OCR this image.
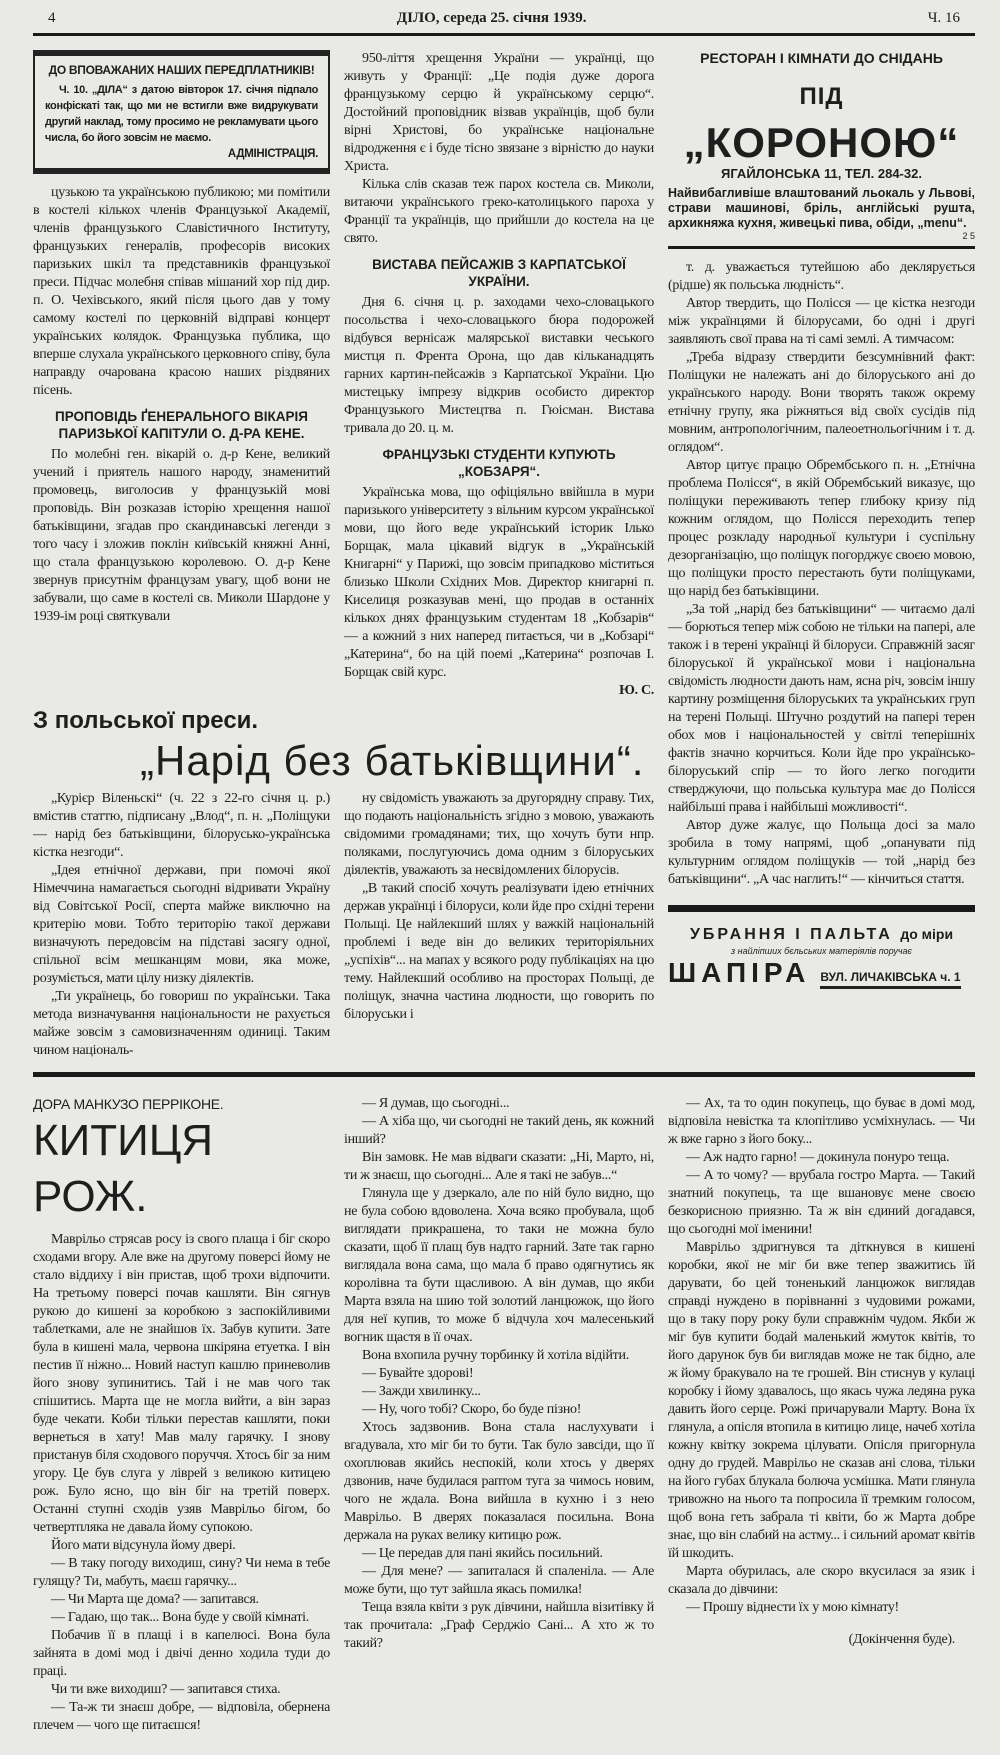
4	ДІЛО, середа 25. січня 1939.	Ч. 16
ДО ВПОВАЖАНИХ НАШИХ ПЕРЕДПЛАТНИКІВ!
Ч. 10. „ДІЛА“ з датою вівторок 17. січня підпало конфіскаті так, що ми не встигли вже видрукувати другий наклад, тому просимо не рекламувати цього числа, бо його зовсім не маємо.
АДМІНІСТРАЦІЯ.

цузькою та українською публикою; ми помітили в костелі кількох членів Французької Академії, членів французького Славістичного Інституту, французьких генералів, професорів високих паризьких шкіл та представників французької преси. Підчас молебня співав мішаний хор під дир. п. О. Чехівського, який після цього дав у тому самому костелі по церковній відправі концерт українських колядок. Французька публика, що вперше слухала українського церковного співу, була направду очарована красою наших різдвяних пісень.

ПРОПОВІДЬ ҐЕНЕРАЛЬНОГО ВІКАРІЯ ПАРИЗЬКОЇ КАПІТУЛИ О. Д-РА КЕНЕ.

По молебні ген. вікарій о. д-р Кене, великий учений і приятель нашого народу, знаменитий промовець, виголосив у французькій мові проповідь. Він розказав історію хрещення нашої батьківщини, згадав про скандинавські легенди з того часу і зложив поклін київській княжні Анні, що стала французькою королевою. О. д-р Кене звернув присутнім французам увагу, щоб вони не забували, що саме в костелі св. Миколи Шардоне у 1939-ім році святкували

950-ліття хрещення України — українці, що живуть у Франції: „Це подія дуже дорога французькому серцю й українському серцю“. Достойний проповідник візвав українців, щоб були вірні Христові, бо українське національне відродження є і буде тісно звязане з вірністю до науки Христа.

Кілька слів сказав теж парох костела св. Миколи, витаючи українського греко-католицького пароха у Франції та українців, що прийшли до костела на це свято.

ВИСТАВА ПЕЙСАЖІВ З КАРПАТСЬКОЇ УКРАЇНИ.

Дня 6. січня ц. р. заходами чехо-словацького посольства і чехо-словацького бюра подорожей відбувся вернісаж малярської виставки чеського мистця п. Френта Орона, що дав кільканадцять гарних картин-пейсажів з Карпатської України. Цю мистецьку імпрезу відкрив особисто директор Французького Мистецтва п. Гюісман. Вистава тривала до 20. ц. м.

ФРАНЦУЗЬКІ СТУДЕНТИ КУПУЮТЬ „КОБЗАРЯ“.

Українська мова, що офіціяльно ввійшла в мури паризького університету з вільним курсом української мови, що його веде український історик Ілько Борщак, мала цікавий відгук в „Українській Книгарні“ у Парижі, що зовсім припадково міститься близько Школи Східних Мов. Директор книгарні п. Киселиця розказував мені, що продав в останніх кількох днях французьким студентам 18 „Кобзарів“ — а кожний з них наперед питається, чи в „Кобзарі“ „Катерина“, бо на цій поемі „Катерина“ розпочав І. Борщак свій курс.

Ю. С.

З польської преси.
„Нарід без батьківщини“.

„Курієр Віленьскі“ (ч. 22 з 22-го січня ц. р.) вмістив статтю, підписану „Влод“, п. н. „Поліщуки — нарід без батьківщини, білорусько-українська кістка незгоди“.

„Ідея етнічної держави, при помочі якої Німеччина намагається сьогодні відривати Україну від Совітської Росії, сперта майже виключно на критерію мови. Тобто територію такої держави визначують передовсім на підставі засягу одної, спільної всім мешканцям мови, яка може, розуміється, мати цілу низку діялектів.

„Ти українець, бо говориш по українськи. Така метода визначування національности не рахується майже зовсім з самовизначенням одиниці. Таким чином національ-

ну свідомість уважають за другорядну справу. Тих, що подають національність згідно з мовою, уважають свідомими громадянами; тих, що хочуть бути нпр. поляками, послугуючись дома одним з білоруських діялектів, уважають за несвідомлених білорусів.

„В такий спосіб хочуть реалізувати ідею етнічних держав українці і білоруси, коли йде про східні терени Польщі. Це найлекший шлях у важкій національній проблемі і веде він до великих територіяльних „успіхів“... на мапах у всякого роду публікаціях на цю тему. Найлекший особливо на просторах Польщі, де поліщук, значна частина людности, що говорить по білоруськи і

РЕСТОРАН І КІМНАТИ ДО СНІДАНЬ
ПІД „КОРОНОЮ“
ЯГАЙЛОНСЬКА 11, ТЕЛ. 284-32.
Найвибагливіше влаштований льокаль у Львові, страви машинові, бріль, англійські рушта, архикняжа кухня, живецькі пива, обіди, „menu“.
2 5

т. д. уважається тутейшою або деклярується (рідше) як польська людність“.

Автор твердить, що Полісся — це кістка незгоди між українцями й білорусами, бо одні і другі заявляють свої права на ті самі землі. А тимчасом:

„Треба відразу ствердити безсумнівний факт: Поліщуки не належать ані до білоруського ані до українського народу. Вони творять також окрему етнічну групу, яка ріжняться від своїх сусідів під мовним, антропологічним, палеоетнольогічним і т. д. оглядом“.

Автор цитує працю Обрембського п. н. „Етнічна проблема Полісся“, в якій Обрембський виказує, що поліщуки переживають тепер глибоку кризу під кожним оглядом, що Полісся переходить тепер процес розкладу народньої культури і суспільну дезорганізацію, що поліщук погорджує своєю мовою, що поліщуки просто перестають бути поліщуками, що нарід без батьківщини.

„За той „нарід без батьківщини“ — читаємо далі — борються тепер між собою не тільки на папері, але також і в терені українці й білоруси. Справжній засяг білоруської й української мови і національна свідомість людности дають нам, ясна річ, зовсім іншу картину розміщення білоруських та українських груп на терені Польщі. Штучно роздутий на папері терен обох мов і національностей у світлі теперішніх фактів значно корчиться. Коли йде про українсько-білоруський спір — то його легко погодити стверджуючи, що польська культура має до Полісся найбільші права і найбільші можливості“.

Автор дуже жалує, що Польща досі за мало зробила в тому напрямі, щоб „опанувати під культурним оглядом поліщуків — той „нарід без батьківщини“. „А час наглить!“ — кінчиться стаття.

УБРАННЯ І ПАЛЬТА до міри
з найліпших бєльських матеріялів поручає
ШАПІРА ВУЛ. ЛИЧАКІВСЬКА ч. 1
ДОРА МАНКУЗО ПЕРРІКОНЕ.
КИТИЦЯ РОЖ.

Маврільо стрясав росу із свого плаща і біг скоро сходами вгору. Але вже на другому поверсі йому не стало віддиху і він пристав, щоб трохи відпочити. На третьому поверсі почав кашляти. Він сягнув рукою до кишені за коробкою з заспокійливими таблетками, але не знайшов їх. Забув купити. Зате була в кишені мала, червона шкіряна етуетка. І він пестив її ніжно... Новий наступ кашлю приневолив його знову зупинитись. Тай і не мав чого так спішитись. Марта ще не могла вийти, а він зараз буде чекати. Коби тільки перестав кашляти, поки вернеться в хату! Мав малу гарячку. І знову пристанув біля сходового поруччя. Хтось біг за ним угору. Це був слуга у ліврей з великою китицею рож. Було ясно, що він біг на третій поверх. Останні ступні сходів узяв Маврільо бігом, бо четвертпляка не давала йому супокою.

Його мати відсунула йому двері.

— В таку погоду виходиш, сину? Чи нема в тебе гулящу? Ти, мабуть, маєш гарячку...

— Чи Марта ще дома? — запитався.

— Гадаю, що так... Вона буде у своїй кімнаті.

Побачив її в плащі і в капелюсі. Вона була зайнята в домі мод і двічі денно ходила туди до праці.

Чи ти вже виходиш? — запитався стиха.

— Та-ж ти знаєш добре, — відповіла, обернена плечем — чого ще питаєшся!

— Я думав, що сьогодні...

— А хіба що, чи сьогодні не такий день, як кожний інший?

Він замовк. Не мав відваги сказати: „Ні, Марто, ні, ти ж знаєш, що сьогодні... Але я такі не забув...“

Глянула ще у дзеркало, але по ній було видно, що не була собою вдоволена. Хоча всяко пробувала, щоб виглядати прикрашена, то таки не можна було сказати, щоб її плащ був надто гарний. Зате так гарно виглядала вона сама, що мала б право одягнутись як королівна та бути щасливою. А він думав, що якби Марта взяла на шию той золотий ланцюжок, що його для неї купив, то може б відчула хоч малесенький вогник щастя в її очах.

Вона вхопила ручну торбинку й хотіла відійти.

— Бувайте здорові!

— Зажди хвилинку...

— Ну, чого тобі? Скоро, бо буде пізно!

Хтось задзвонив. Вона стала наслухувати і вгадувала, хто міг би то бути. Так було завсіди, що її охоплював якийсь неспокій, коли хтось у дверях дзвонив, наче будилася раптом туга за чимось новим, чого не ждала. Вона вийшла в кухню і з нею Маврільо. В дверях показалася посильна. Вона держала на руках велику китицю рож.

— Це передав для пані якийсь посильний.

— Для мене? — запиталася й спаленіла. — Але може бути, що тут зайшла якась помилка!

Теща взяла квіти з рук дівчини, найшла візитівку й так прочитала: „Граф Серджіо Сані... А хто ж то такий?

— Ах, та то один покупець, що буває в домі мод, відповіла невістка та клопітливо усміхнулась. — Чи ж вже гарно з його боку...

— Аж надто гарно! — докинула понуро теща.

— А то чому? — врубала гостро Марта. — Такий знатний покупець, та ще вшановує мене своєю безкорисною приязню. Та ж він єдиний догадався, що сьогодні мої іменини!

Маврільо здригнувся та діткнувся в кишені коробки, якої не міг би вже тепер зважитись їй дарувати, бо цей тоненький ланцюжок виглядав справді нуждено в порівнанні з чудовими рожами, що в таку пору року були справжнім чудом. Якби ж міг був купити бодай маленький жмуток квітів, то його дарунок був би виглядав може не так бідно, але ж йому бракувало на те грошей. Він стиснув у кулаці коробку і йому здавалось, що якась чужа ледяна рука давить його серце. Рожі причарували Марту. Вона їх глянула, а опісля втопила в китицю лице, начеб хотіла кожну квітку зокрема цілувати. Опісля пригорнула одну до грудей. Маврільо не сказав ані слова, тільки на його губах блукала болюча усмішка. Мати глянула тривожно на нього та попросила її тремким голосом, щоб вона геть забрала ті квіти, бо ж Марта добре знає, що він слабий на астму... і сильний аромат квітів їй шкодить.

Марта обурилась, але скоро вкусилася за язик і сказала до дівчини:

— Прошу віднести їх у мою кімнату!

(Докінчення буде).
